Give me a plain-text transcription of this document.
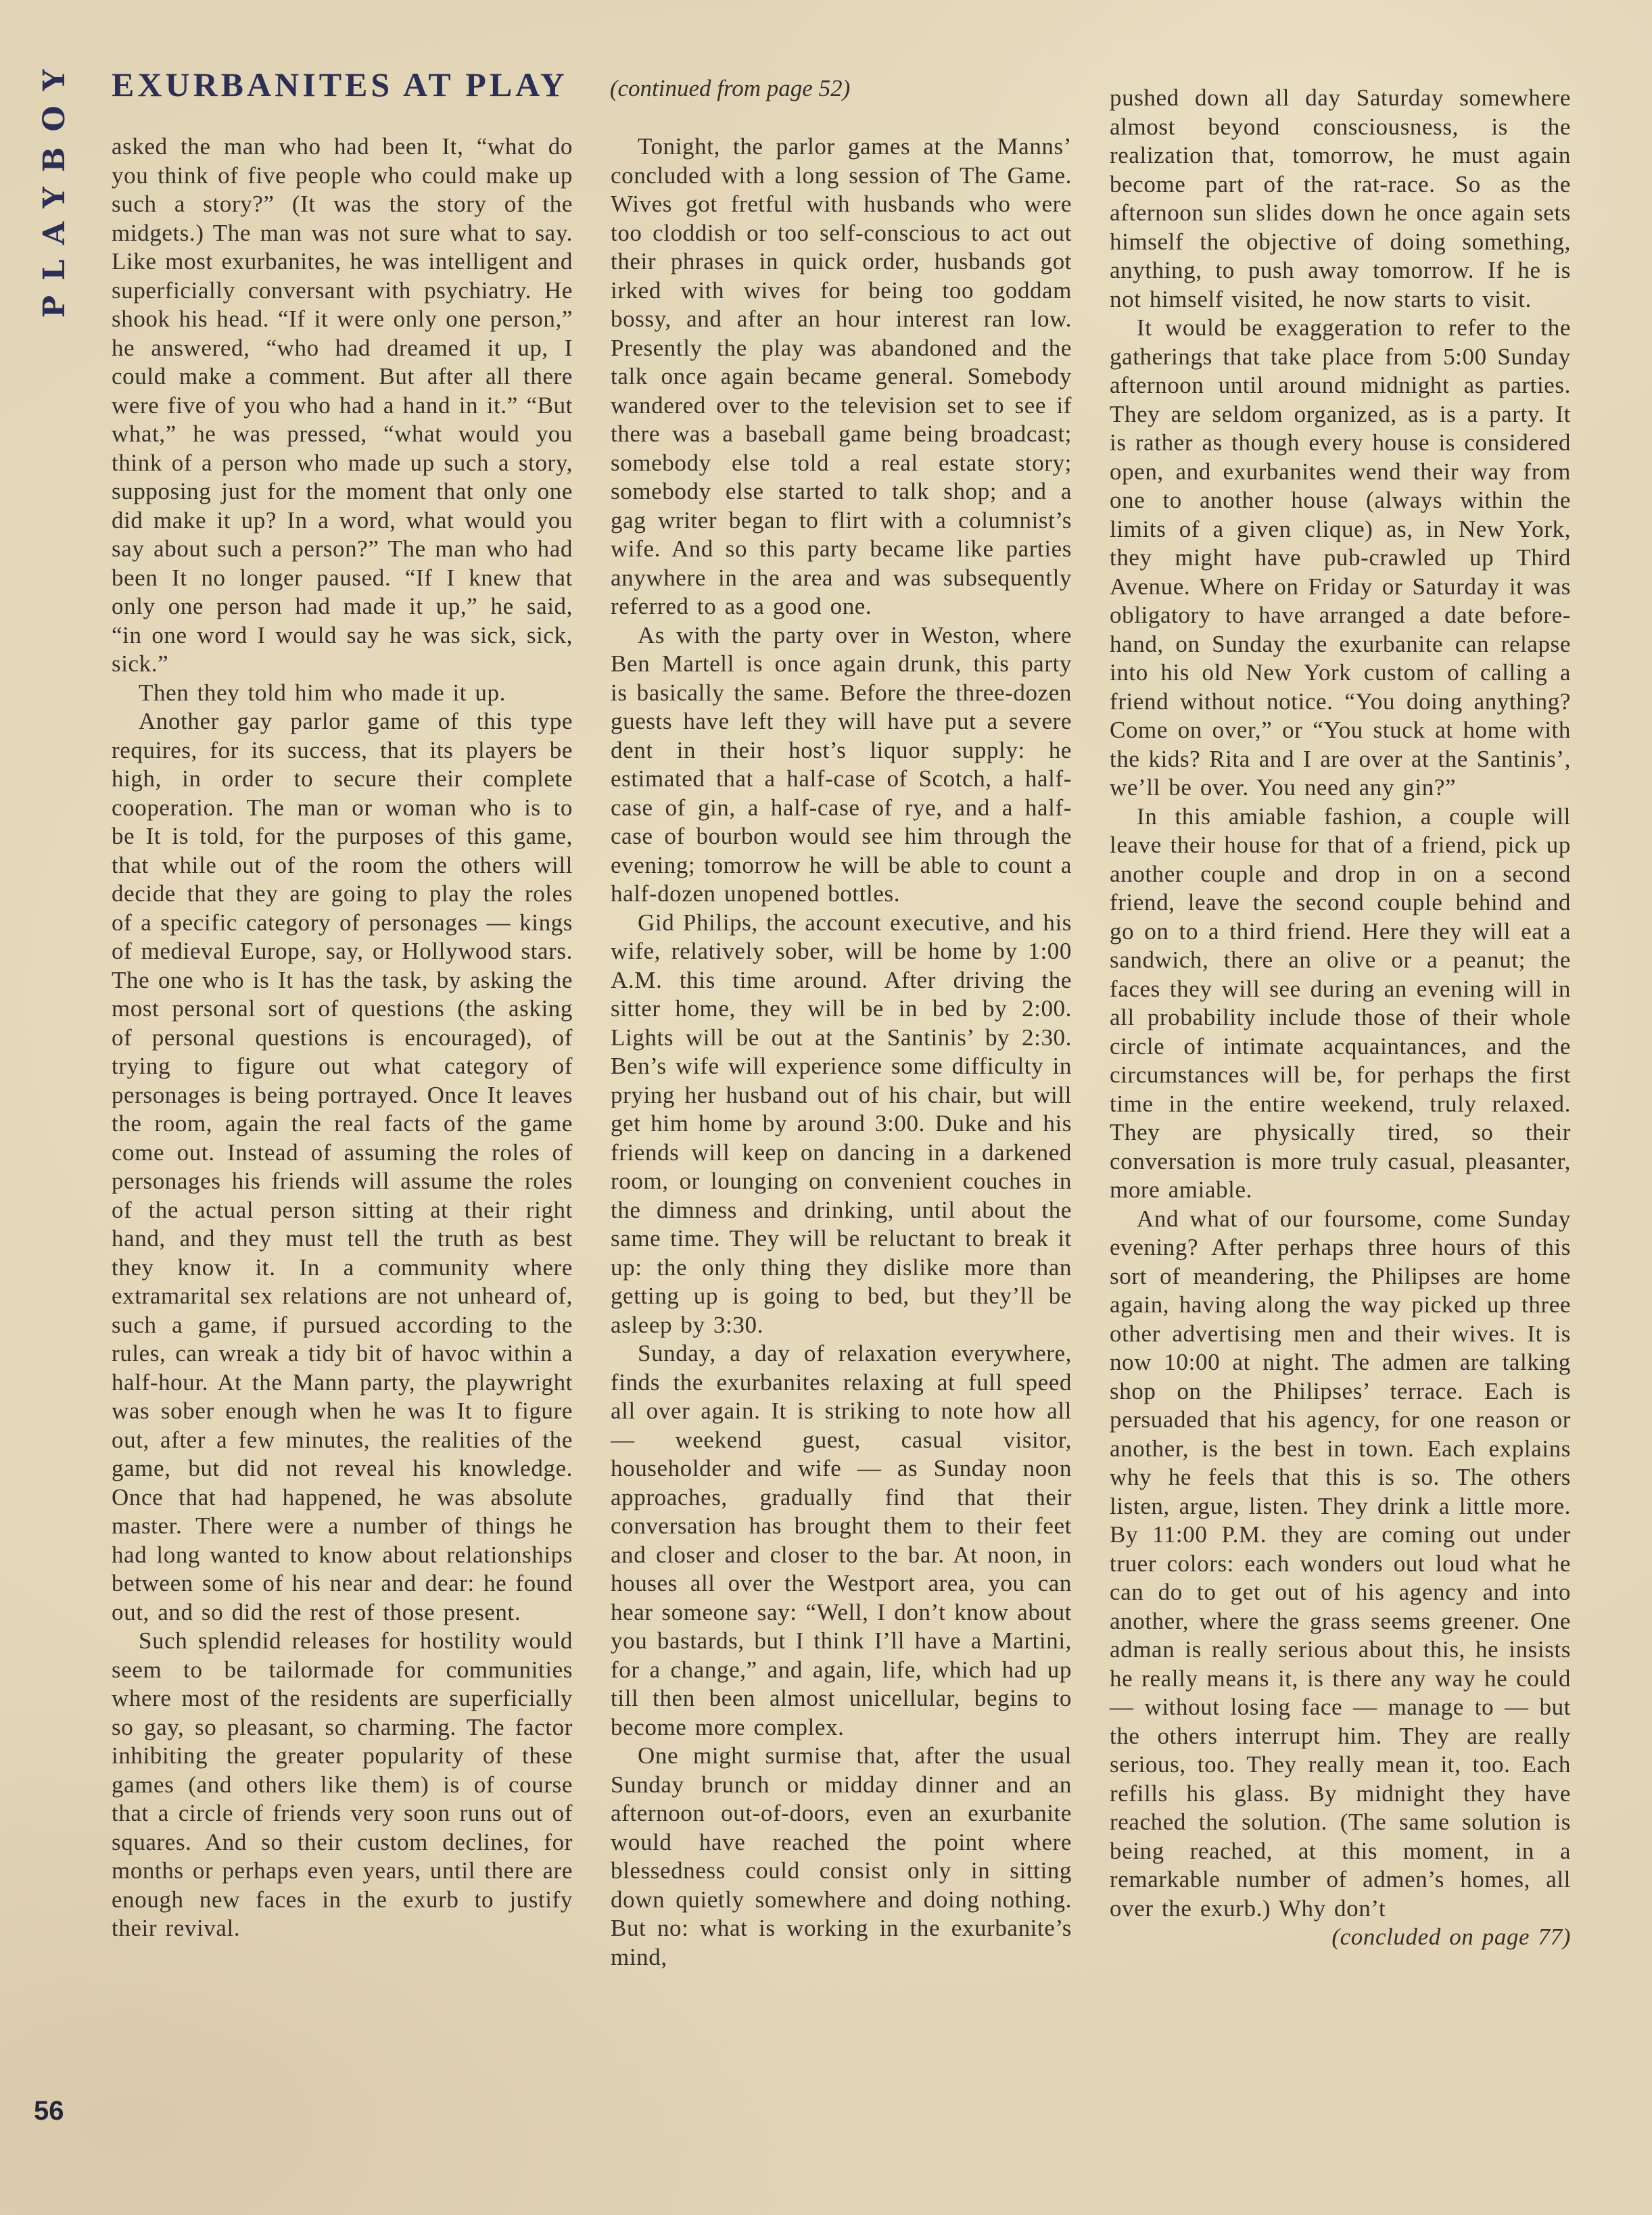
PLAYBOY EXURBANITES AT PLAY (continued from page 52)

asked the man who had been It, “what do you think of five people who could make up such a story?” (It was the story of the midgets.) The man was not sure what to say. Like most exurbanites, he was intelligent and superficially conversant with psychiatry. He shook his head. “If it were only one person,” he answered, “who had dreamed it up, I could make a comment. But after all there were five of you who had a hand in it.” “But what,” he was pressed, “what would you think of a person who made up such a story, supposing just for the moment that only one did make it up? In a word, what would you say about such a person?” The man who had been It no longer paused. “If I knew that only one person had made it up,” he said, “in one word I would say he was sick, sick, sick.”

Then they told him who made it up.

Another gay parlor game of this type requires, for its success, that its players be high, in order to secure their complete cooperation. The man or woman who is to be It is told, for the purposes of this game, that while out of the room the others will decide that they are going to play the roles of a specific category of personages — kings of medieval Europe, say, or Hollywood stars. The one who is It has the task, by asking the most personal sort of questions (the asking of personal questions is encouraged), of trying to figure out what category of personages is being portrayed. Once It leaves the room, again the real facts of the game come out. Instead of assuming the roles of personages his friends will assume the roles of the actual person sitting at their right hand, and they must tell the truth as best they know it. In a community where extramarital sex relations are not unheard of, such a game, if pursued according to the rules, can wreak a tidy bit of havoc within a half-hour. At the Mann party, the playwright was sober enough when he was It to figure out, after a few minutes, the realities of the game, but did not reveal his knowledge. Once that had happened, he was absolute master. There were a number of things he had long wanted to know about relationships between some of his near and dear: he found out, and so did the rest of those present.

Such splendid releases for hostility would seem to be tailormade for communities where most of the residents are superficially so gay, so pleasant, so charming. The factor inhibiting the greater popularity of these games (and others like them) is of course that a circle of friends very soon runs out of squares. And so their custom declines, for months or perhaps even years, until there are enough new faces in the exurb to justify their revival.

Tonight, the parlor games at the Manns’ concluded with a long session of The Game. Wives got fretful with husbands who were too cloddish or too self-conscious to act out their phrases in quick order, husbands got irked with wives for being too goddam bossy, and after an hour interest ran low. Presently the play was abandoned and the talk once again became general. Somebody wandered over to the television set to see if there was a baseball game being broadcast; somebody else told a real estate story; somebody else started to talk shop; and a gag writer began to flirt with a columnist’s wife. And so this party became like parties anywhere in the area and was subsequently referred to as a good one.

As with the party over in Weston, where Ben Martell is once again drunk, this party is basically the same. Before the three-dozen guests have left they will have put a severe dent in their host’s liquor supply: he estimated that a half-case of Scotch, a half-case of gin, a half-case of rye, and a half-case of bourbon would see him through the evening; tomorrow he will be able to count a half-dozen unopened bottles.

Gid Philips, the account executive, and his wife, relatively sober, will be home by 1:00 A.M. this time around. After driving the sitter home, they will be in bed by 2:00. Lights will be out at the Santinis’ by 2:30. Ben’s wife will experience some difficulty in prying her husband out of his chair, but will get him home by around 3:00. Duke and his friends will keep on dancing in a darkened room, or lounging on convenient couches in the dimness and drinking, until about the same time. They will be reluctant to break it up: the only thing they dislike more than getting up is going to bed, but they’ll be asleep by 3:30.

Sunday, a day of relaxation everywhere, finds the exurbanites relaxing at full speed all over again. It is striking to note how all — weekend guest, casual visitor, householder and wife — as Sunday noon approaches, gradually find that their conversation has brought them to their feet and closer and closer to the bar. At noon, in houses all over the Westport area, you can hear someone say: “Well, I don’t know about you bastards, but I think I’ll have a Martini, for a change,” and again, life, which had up till then been almost unicellular, begins to become more complex.

One might surmise that, after the usual Sunday brunch or midday dinner and an afternoon out-of-doors, even an exurbanite would have reached the point where blessedness could consist only in sitting down quietly somewhere and doing nothing. But no: what is working in the exurbanite’s mind,

pushed down all day Saturday somewhere almost beyond consciousness, is the realization that, tomorrow, he must again become part of the rat-race. So as the afternoon sun slides down he once again sets himself the objective of doing something, anything, to push away tomorrow. If he is not himself visited, he now starts to visit.

It would be exaggeration to refer to the gatherings that take place from 5:00 Sunday afternoon until around midnight as parties. They are seldom organized, as is a party. It is rather as though every house is considered open, and exurbanites wend their way from one to another house (always within the limits of a given clique) as, in New York, they might have pub-crawled up Third Avenue. Where on Friday or Saturday it was obligatory to have arranged a date before-hand, on Sunday the exurbanite can relapse into his old New York custom of calling a friend without notice. “You doing anything? Come on over,” or “You stuck at home with the kids? Rita and I are over at the Santinis’, we’ll be over. You need any gin?”

In this amiable fashion, a couple will leave their house for that of a friend, pick up another couple and drop in on a second friend, leave the second couple behind and go on to a third friend. Here they will eat a sandwich, there an olive or a peanut; the faces they will see during an evening will in all probability include those of their whole circle of intimate acquaintances, and the circumstances will be, for perhaps the first time in the entire weekend, truly relaxed. They are physically tired, so their conversation is more truly casual, pleasanter, more amiable.

And what of our foursome, come Sunday evening? After perhaps three hours of this sort of meandering, the Philipses are home again, having along the way picked up three other advertising men and their wives. It is now 10:00 at night. The admen are talking shop on the Philipses’ terrace. Each is persuaded that his agency, for one reason or another, is the best in town. Each explains why he feels that this is so. The others listen, argue, listen. They drink a little more. By 11:00 P.M. they are coming out under truer colors: each wonders out loud what he can do to get out of his agency and into another, where the grass seems greener. One adman is really serious about this, he insists he really means it, is there any way he could — without losing face — manage to — but the others interrupt him. They are really serious, too. They really mean it, too. Each refills his glass. By midnight they have reached the solution. (The same solution is being reached, at this moment, in a remarkable number of admen’s homes, all over the exurb.) Why don’t

(concluded on page 77)

56
